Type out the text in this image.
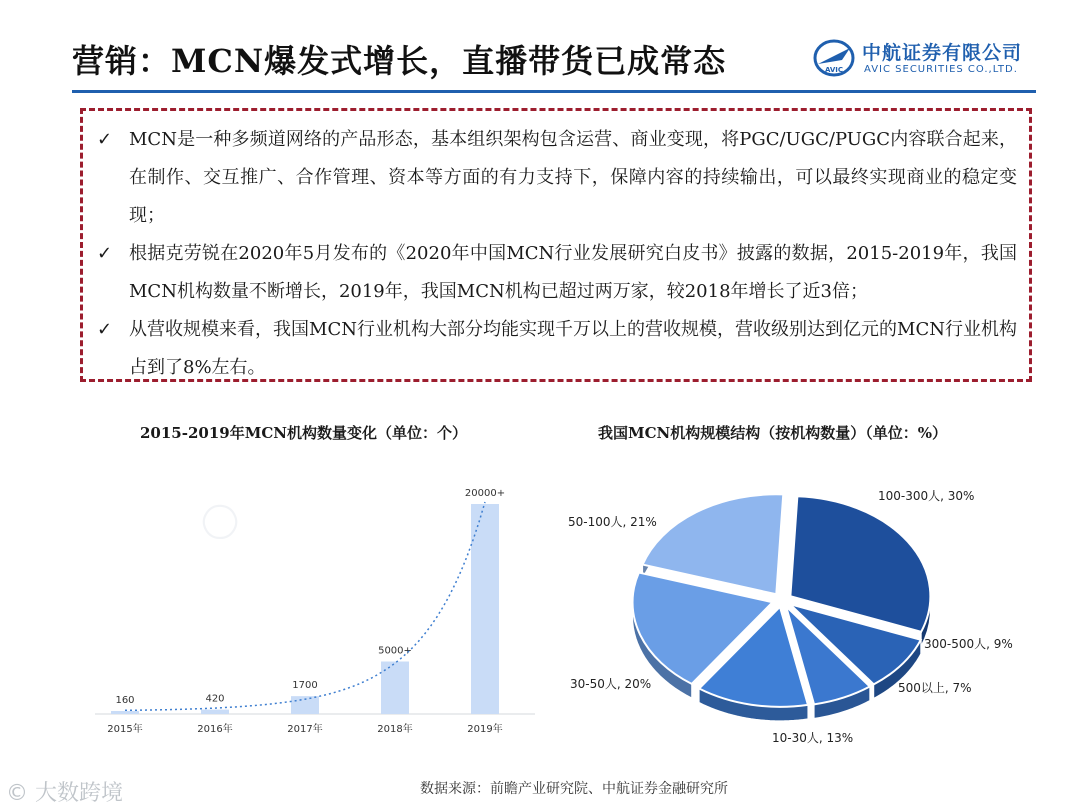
营销：MCN爆发式增长，直播带货已成常态	AVIC
中航证券有限公司
AVIC SECURITIES CO.,LTD.
✓ MCN是一种多频道网络的产品形态，基本组织架构包含运营、商业变现，将PGC/UGC/PUGC内容联合起来，在制作、交互推广、合作管理、资本等方面的有力支持下，保障内容的持续输出，可以最终实现商业的稳定变现；
✓ 根据克劳锐在2020年5月发布的《2020年中国MCN行业发展研究白皮书》披露的数据，2015-2019年，我国MCN机构数量不断增长，2019年，我国MCN机构已超过两万家，较2018年增长了近3倍；
✓ 从营收规模来看，我国MCN行业机构大部分均能实现千万以上的营收规模，营收级别达到亿元的MCN行业机构占到了8%左右。
2015-2019年MCN机构数量变化（单位：个）	我国MCN机构规模结构（按机构数量）（单位：%）
◯
160
2015年
420
2016年
1700
2017年
5000+
2018年
20000+
2019年
100-300人, 30%
300-500人, 9%
500以上, 7%
10-30人, 13%
30-50人, 20%
50-100人, 21%
数据来源：前瞻产业研究院、中航证券金融研究所
© 大数跨境
